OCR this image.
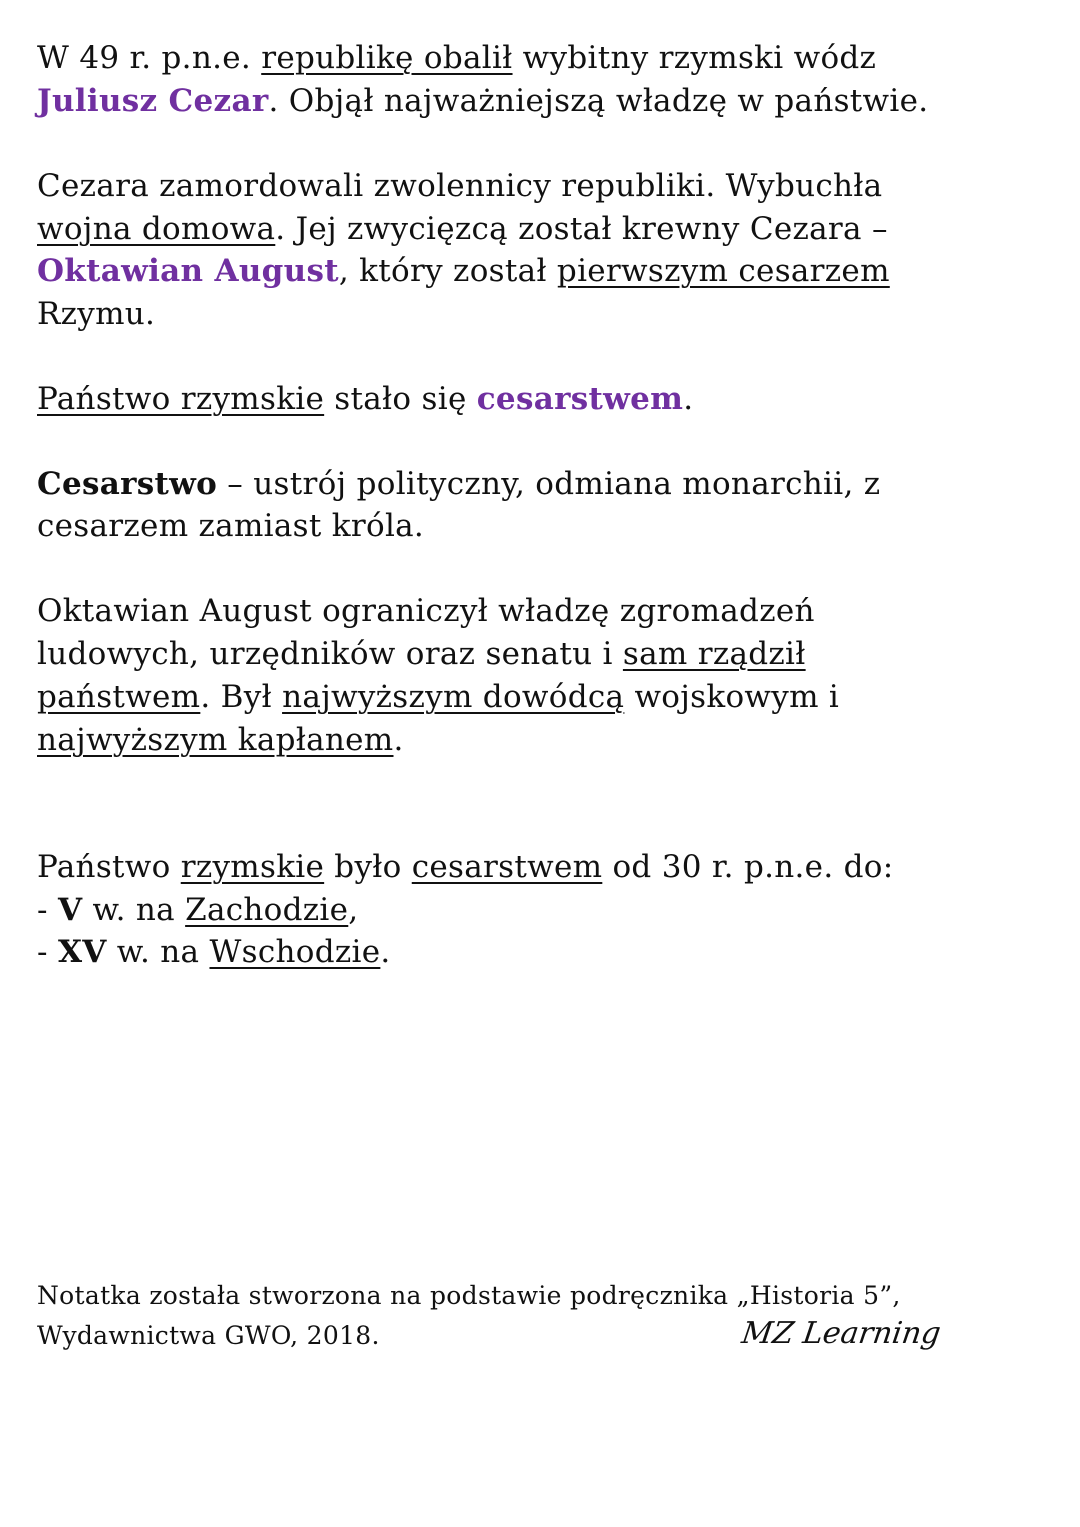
W 49 r. p.n.e. republikę obalił wybitny rzymski wódz
Juliusz Cezar. Objął najważniejszą władzę w państwie.
Cezara zamordowali zwolennicy republiki. Wybuchła
wojna domowa. Jej zwycięzcą został krewny Cezara –
Oktawian August, który został pierwszym cesarzem
Rzymu.
Państwo rzymskie stało się cesarstwem.
Cesarstwo – ustrój polityczny, odmiana monarchii, z
cesarzem zamiast króla.
Oktawian August ograniczył władzę zgromadzeń
ludowych, urzędników oraz senatu i sam rządził
państwem. Był najwyższym dowódcą wojskowym i
najwyższym kapłanem.
Państwo rzymskie było cesarstwem od 30 r. p.n.e. do:
- V w. na Zachodzie,
- XV w. na Wschodzie.
Notatka została stworzona na podstawie podręcznika „Historia 5”,
Wydawnictwa GWO, 2018.	MZ Learning
